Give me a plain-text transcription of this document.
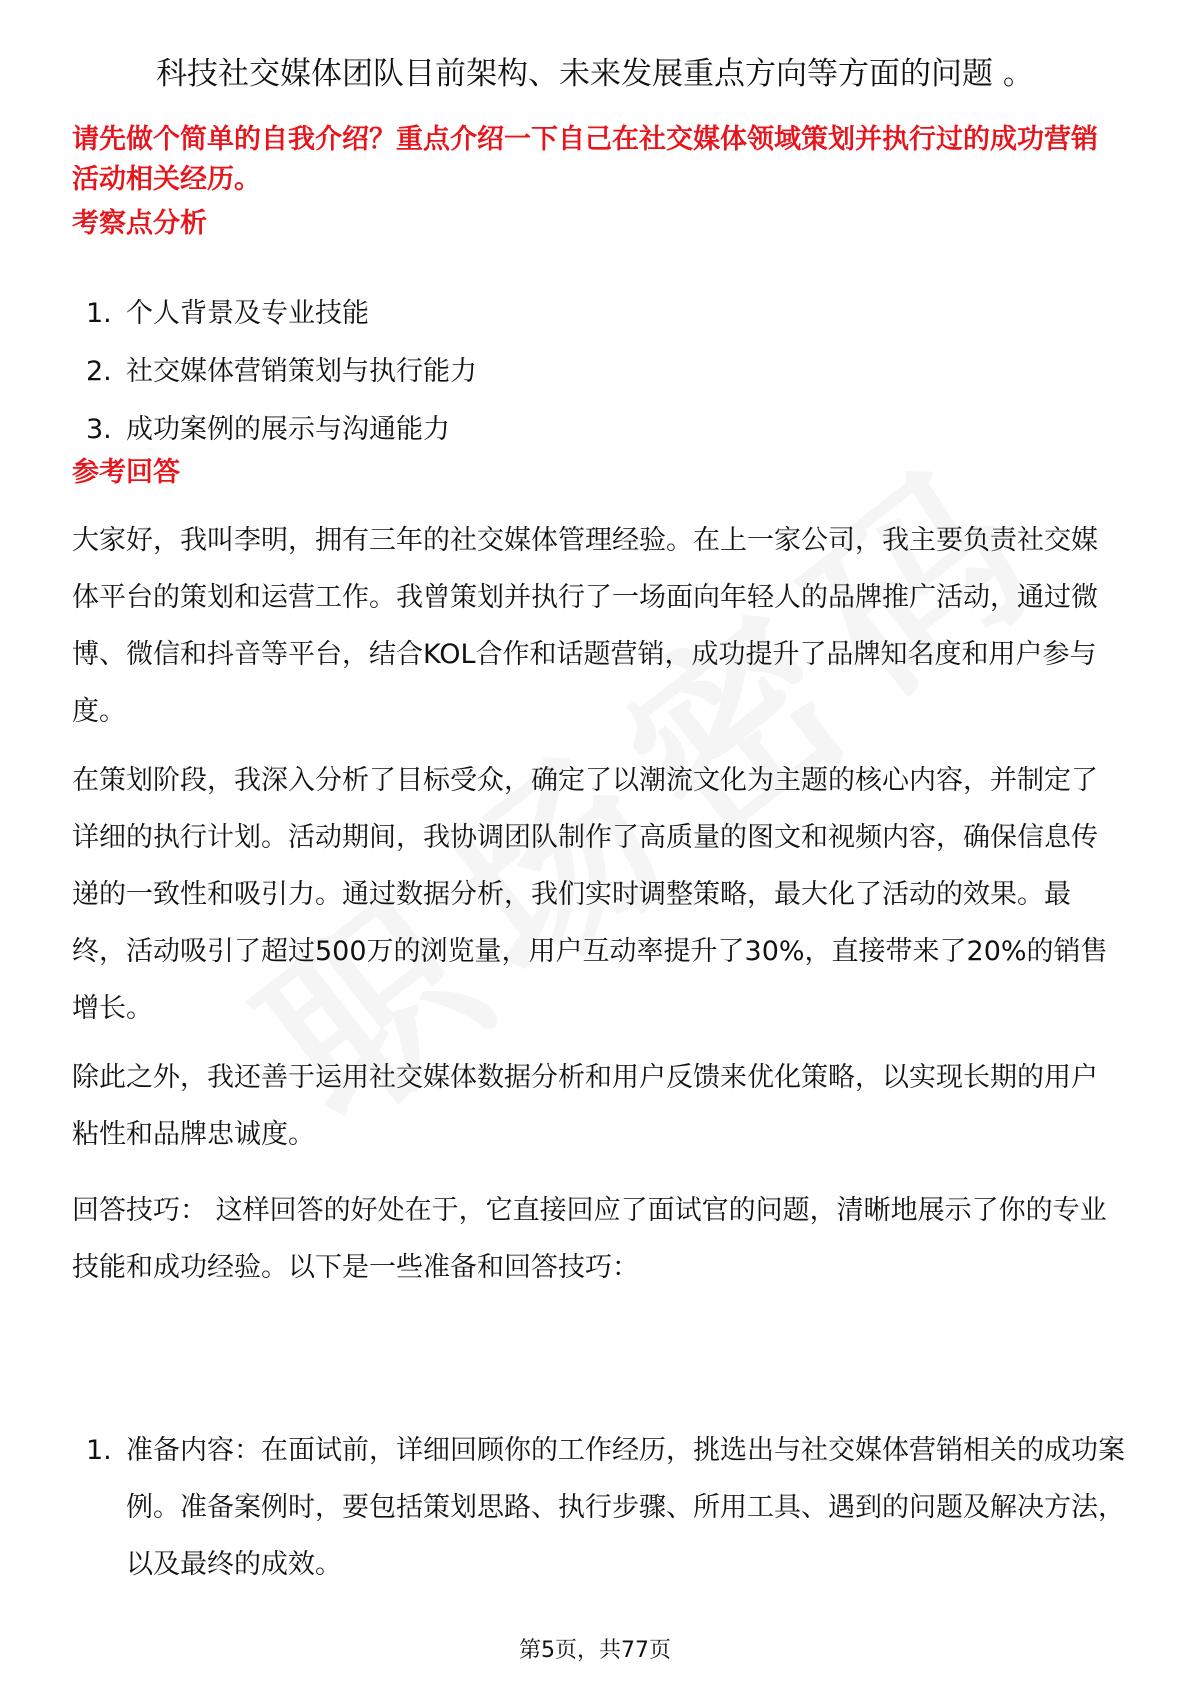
科技社交媒体团队目前架构、未来发展重点方向等方面的问题 。
请先做个简单的自我介绍？重点介绍一下自己在社交媒体领域策划并执行过的成功营销活动相关经历。
考察点分析
1. 个人背景及专业技能
2. 社交媒体营销策划与执行能力
3. 成功案例的展示与沟通能力
参考回答
大家好，我叫李明，拥有三年的社交媒体管理经验。在上一家公司，我主要负责社交媒体平台的策划和运营工作。我曾策划并执行了一场面向年轻人的品牌推广活动，通过微博、微信和抖音等平台，结合KOL合作和话题营销，成功提升了品牌知名度和用户参与度。
在策划阶段，我深入分析了目标受众，确定了以潮流文化为主题的核心内容，并制定了详细的执行计划。活动期间，我协调团队制作了高质量的图文和视频内容，确保信息传递的一致性和吸引力。通过数据分析，我们实时调整策略，最大化了活动的效果。最终，活动吸引了超过500万的浏览量，用户互动率提升了30%，直接带来了20%的销售增长。
除此之外，我还善于运用社交媒体数据分析和用户反馈来优化策略，以实现长期的用户粘性和品牌忠诚度。
回答技巧： 这样回答的好处在于，它直接回应了面试官的问题，清晰地展示了你的专业技能和成功经验。以下是一些准备和回答技巧：
1. 准备内容：在面试前，详细回顾你的工作经历，挑选出与社交媒体营销相关的成功案例。准备案例时，要包括策划思路、执行步骤、所用工具、遇到的问题及解决方法，以及最终的成效。
第5页，共77页
